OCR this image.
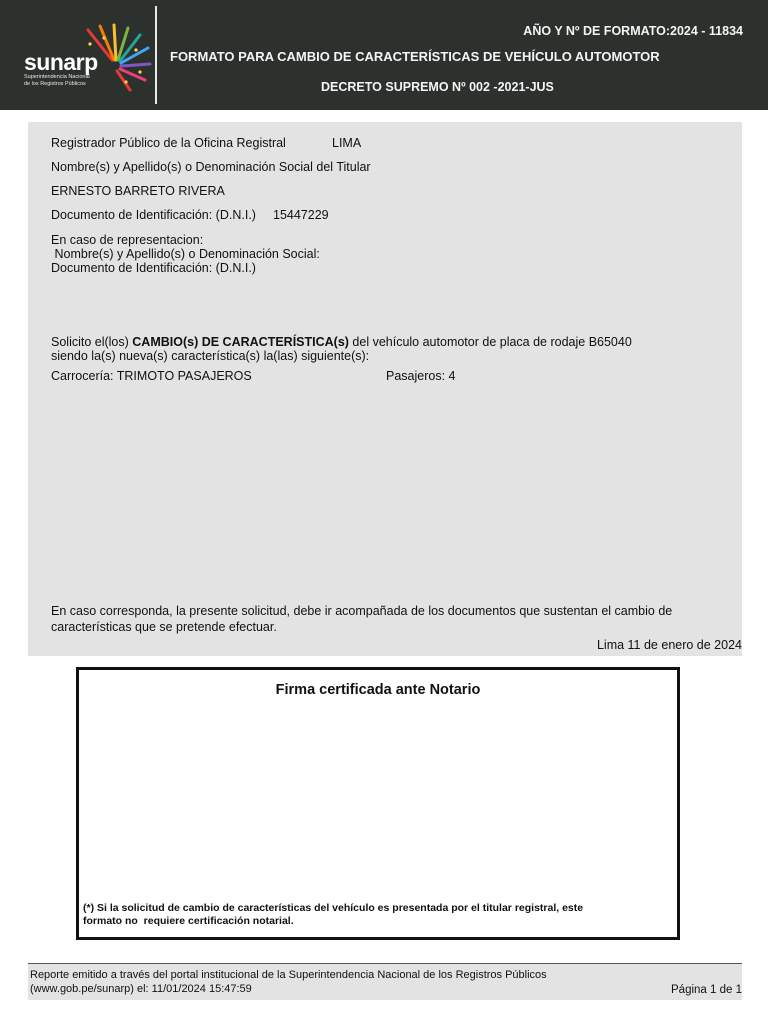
sunarp
Superintendencia Nacional
de los Registros Públicos
AÑO Y Nº DE FORMATO:2024 - 11834
FORMATO PARA CAMBIO DE CARACTERÍSTICAS DE VEHÍCULO AUTOMOTOR
DECRETO SUPREMO Nº 002 -2021-JUS
Registrador Público de la Oficina Registral	LIMA
Nombre(s) y Apellido(s) o Denominación Social del Titular
ERNESTO BARRETO RIVERA
Documento de Identificación: (D.N.I.) 15447229
En caso de representacion:
Nombre(s) y Apellido(s) o Denominación Social:
Documento de Identificación: (D.N.I.)
Solicito el(los) CAMBIO(s) DE CARACTERÍSTICA(s) del vehículo automotor de placa de rodaje B65040
siendo la(s) nueva(s) característica(s) la(las) siguiente(s):
Carrocería: TRIMOTO PASAJEROS	Pasajeros: 4
En caso corresponda, la presente solicitud, debe ir acompañada de los documentos que sustentan el cambio de
características que se pretende efectuar.
Lima 11 de enero de 2024
Firma certificada ante Notario
(*) Si la solicitud de cambio de características del vehículo es presentada por el titular registral, este
formato no  requiere certificación notarial.
Reporte emitido a través del portal institucional de la Superintendencia Nacional de los Registros Públicos
(www.gob.pe/sunarp) el: 11/01/2024 15:47:59	Página 1 de 1
